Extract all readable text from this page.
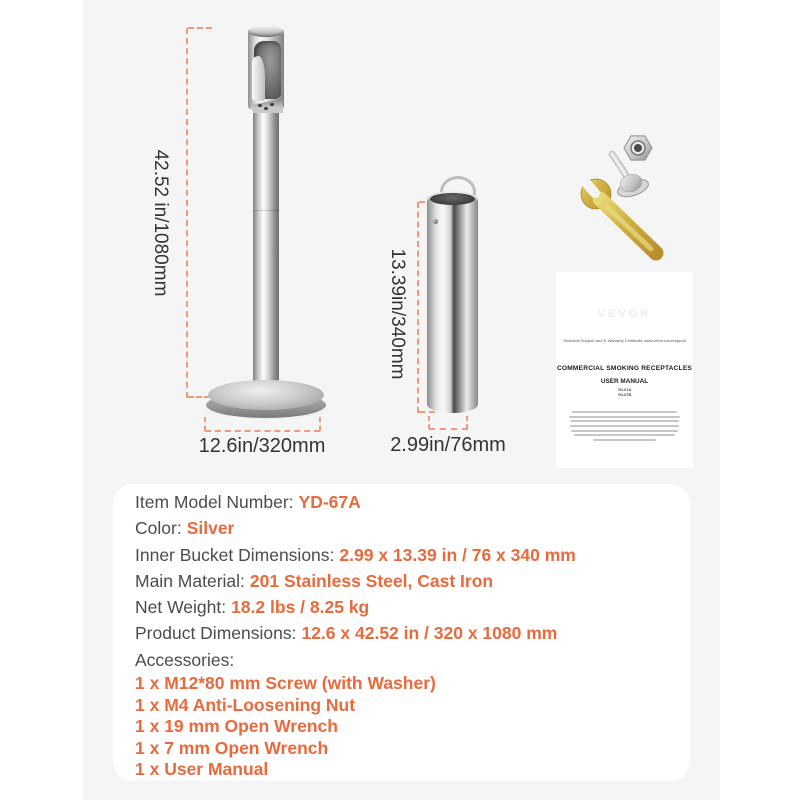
42.52 in/1080mm
12.6in/320mm
13.39in/340mm
2.99in/76mm
VEVOR
Technical Support and E-Warranty Certificate www.vevor.com/support
COMMERCIAL SMOKING RECEPTACLES
USER MANUAL
YD-67A
YD-67B
Item Model Number: YD-67A
Color: Silver
Inner Bucket Dimensions: 2.99 x 13.39 in / 76 x 340 mm
Main Material: 201 Stainless Steel, Cast Iron
Net Weight: 18.2 lbs / 8.25 kg
Product Dimensions: 12.6 x 42.52 in / 320 x 1080 mm
Accessories:
1 x M12*80 mm Screw (with Washer)
1 x M4 Anti-Loosening Nut
1 x 19 mm Open Wrench
1 x 7 mm Open Wrench
1 x User Manual
